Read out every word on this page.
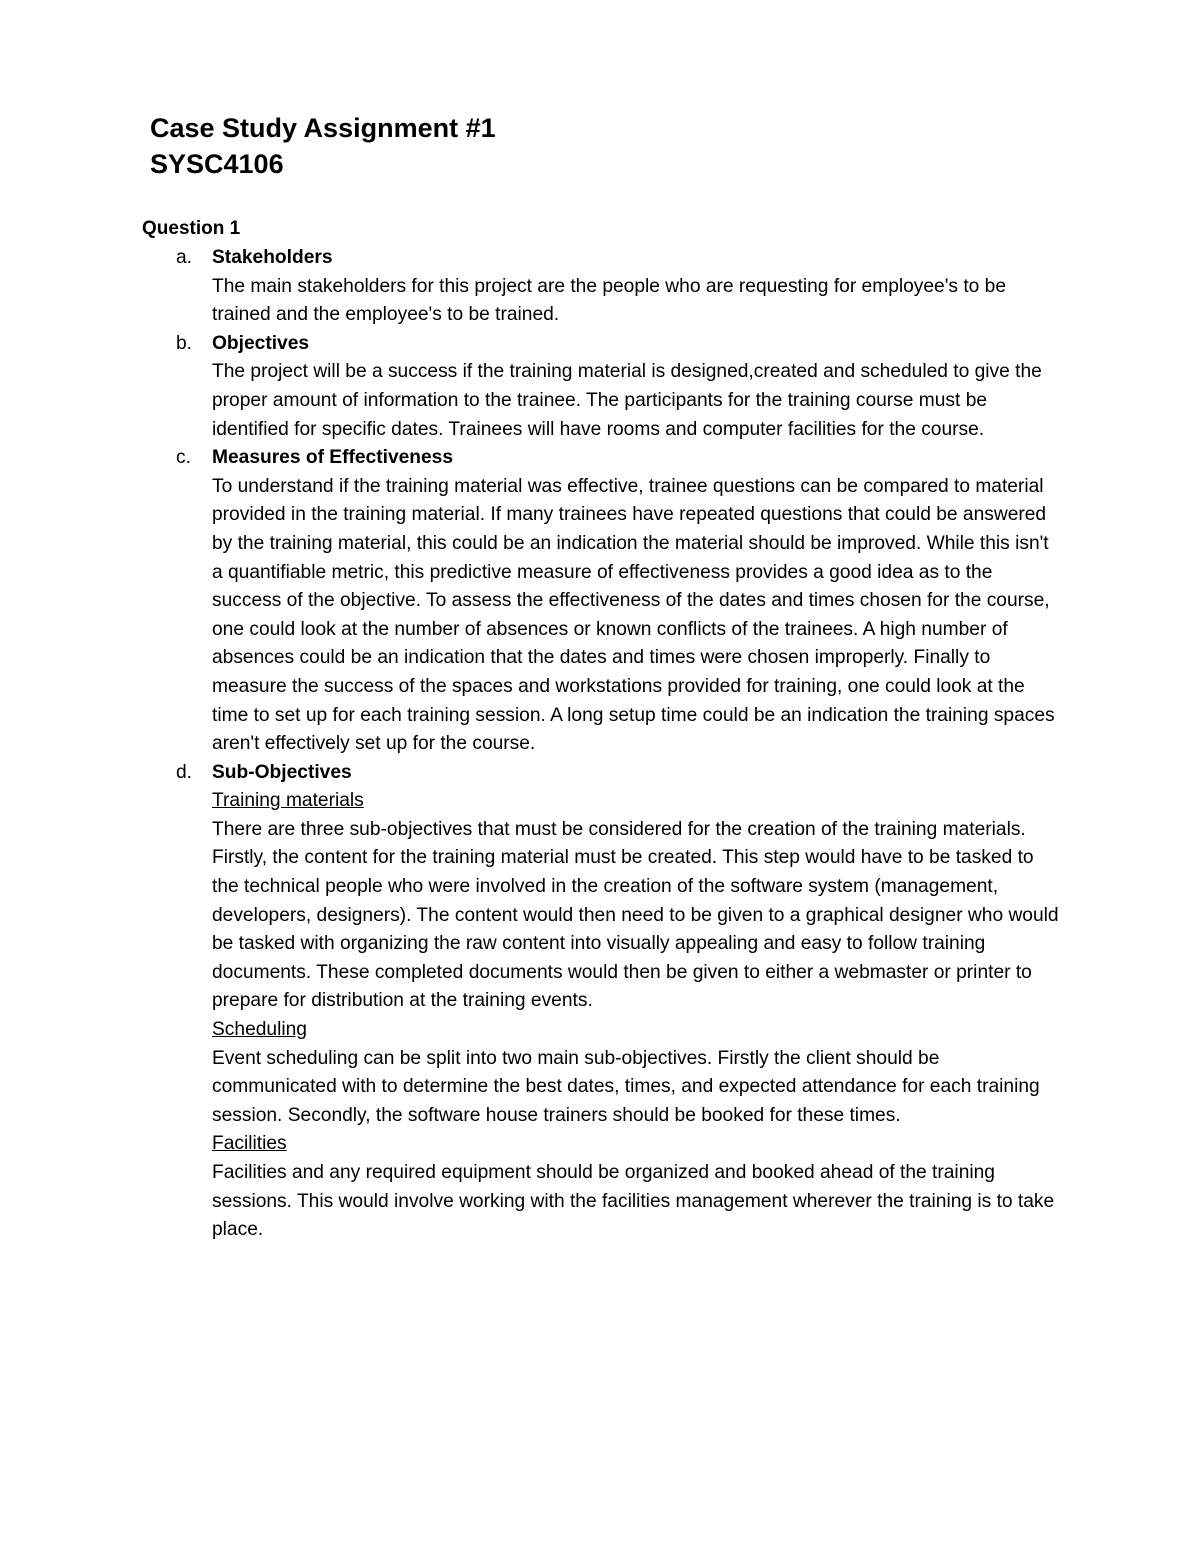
Case Study Assignment #1
SYSC4106
Question 1
a. Stakeholders

The main stakeholders for this project are the people who are requesting for employee's to be trained and the employee's to be trained.

b. Objectives

The project will be a success if the training material is designed,created and scheduled to give the proper amount of information to the trainee. The participants for the training course must be identified for specific dates. Trainees will have rooms and computer facilities for the course.

c. Measures of Effectiveness

To understand if the training material was effective, trainee questions can be compared to material provided in the training material. If many trainees have repeated questions that could be answered by the training material, this could be an indication the material should be improved. While this isn't a quantifiable metric, this predictive measure of effectiveness provides a good idea as to the success of the objective. To assess the effectiveness of the dates and times chosen for the course, one could look at the number of absences or known conflicts of the trainees. A high number of absences could be an indication that the dates and times were chosen improperly. Finally to measure the success of the spaces and workstations provided for training, one could look at the time to set up for each training session. A long setup time could be an indication the training spaces aren't effectively set up for the course.

d. Sub-Objectives
Training materials

There are three sub-objectives that must be considered for the creation of the training materials. Firstly, the content for the training material must be created. This step would have to be tasked to the technical people who were involved in the creation of the software system (management, developers, designers). The content would then need to be given to a graphical designer who would be tasked with organizing the raw content into visually appealing and easy to follow training documents. These completed documents would then be given to either a webmaster or printer to prepare for distribution at the training events.

Scheduling

Event scheduling can be split into two main sub-objectives. Firstly the client should be communicated with to determine the best dates, times, and expected attendance for each training session. Secondly, the software house trainers should be booked for these times.

Facilities

Facilities and any required equipment should be organized and booked ahead of the training sessions. This would involve working with the facilities management wherever the training is to take place.
